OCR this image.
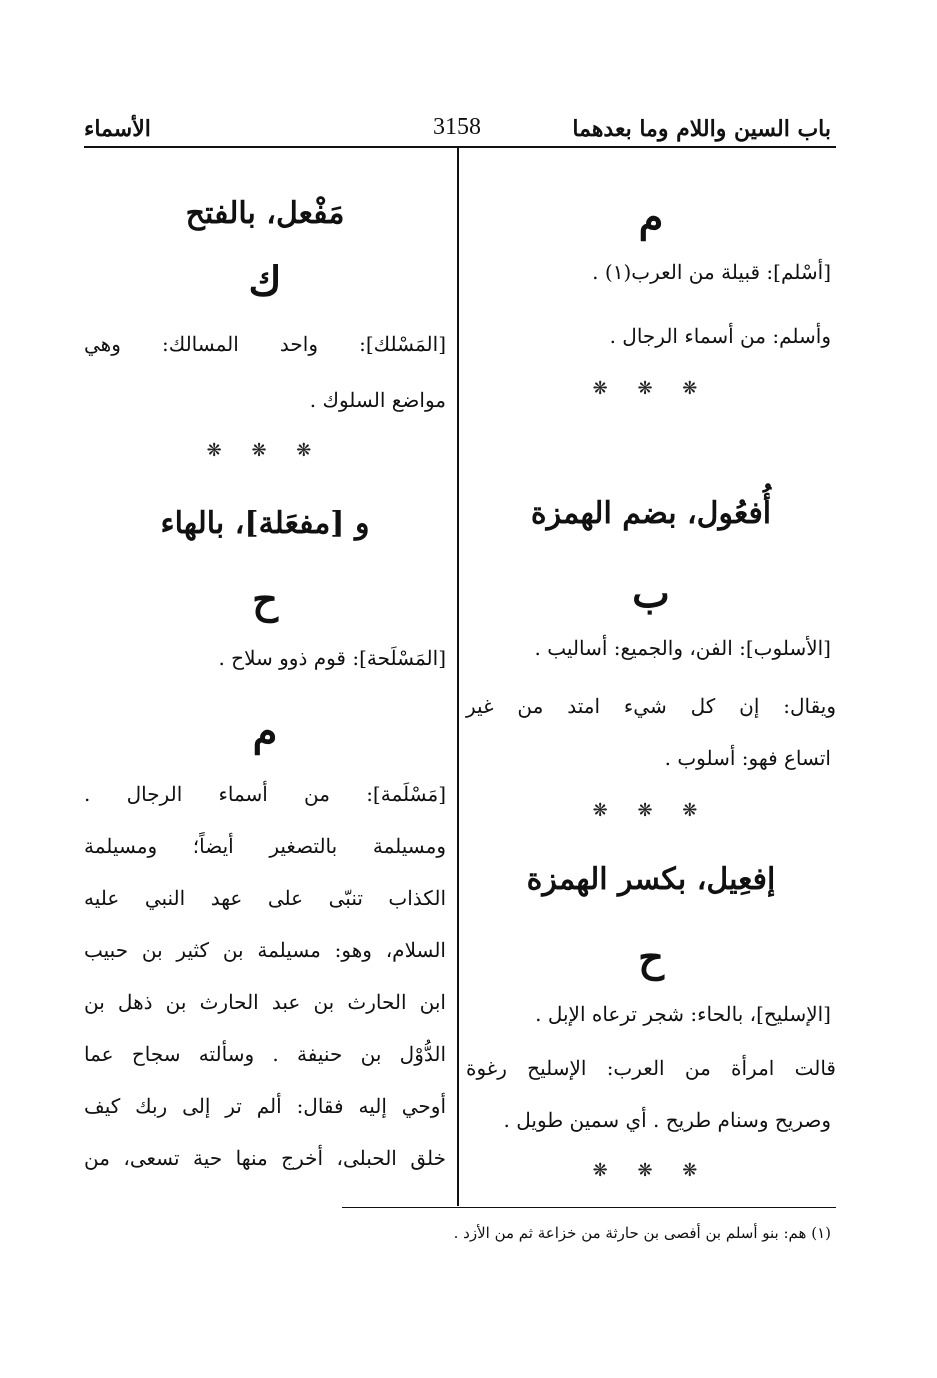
باب السين واللام وما بعدهما
3158
الأسماء
م
[أسْلم]: قبيلة من العرب(١) .
وأسلم: من أسماء الرجال .
❋ ❋ ❋
أُفعُول، بضم الهمزة
ب
[الأسلوب]: الفن، والجميع: أساليب .
ويقال: إن كل شيء امتد من غير
اتساع فهو: أسلوب .
❋ ❋ ❋
إفعِيل، بكسر الهمزة
ح
[الإسليح]، بالحاء: شجر ترعاه الإبل .
قالت امرأة من العرب: الإسليح رغوة
وصريح وسنام طريح . أي سمين طويل .
❋ ❋ ❋
مَفْعل، بالفتح
ك
[المَسْلك]: واحد المسالك: وهي
مواضع السلوك .
❋ ❋ ❋
و [مفعَلة]، بالهاء
ح
[المَسْلَحة]: قوم ذوو سلاح .
م
[مَسْلَمة]: من أسماء الرجال .
ومسيلمة بالتصغير أيضاً؛ ومسيلمة
الكذاب تنبّى على عهد النبي عليه
السلام، وهو: مسيلمة بن كثير بن حبيب
ابن الحارث بن عبد الحارث بن ذهل بن
الدُّوْل بن حنيفة . وسألته سجاح عما
أوحي إليه فقال: ألم تر إلى ربك كيف
خلق الحبلى، أخرج منها حية تسعى، من
(١) هم: بنو أسلم بن أفصى بن حارثة من خزاعة ثم من الأزد .
